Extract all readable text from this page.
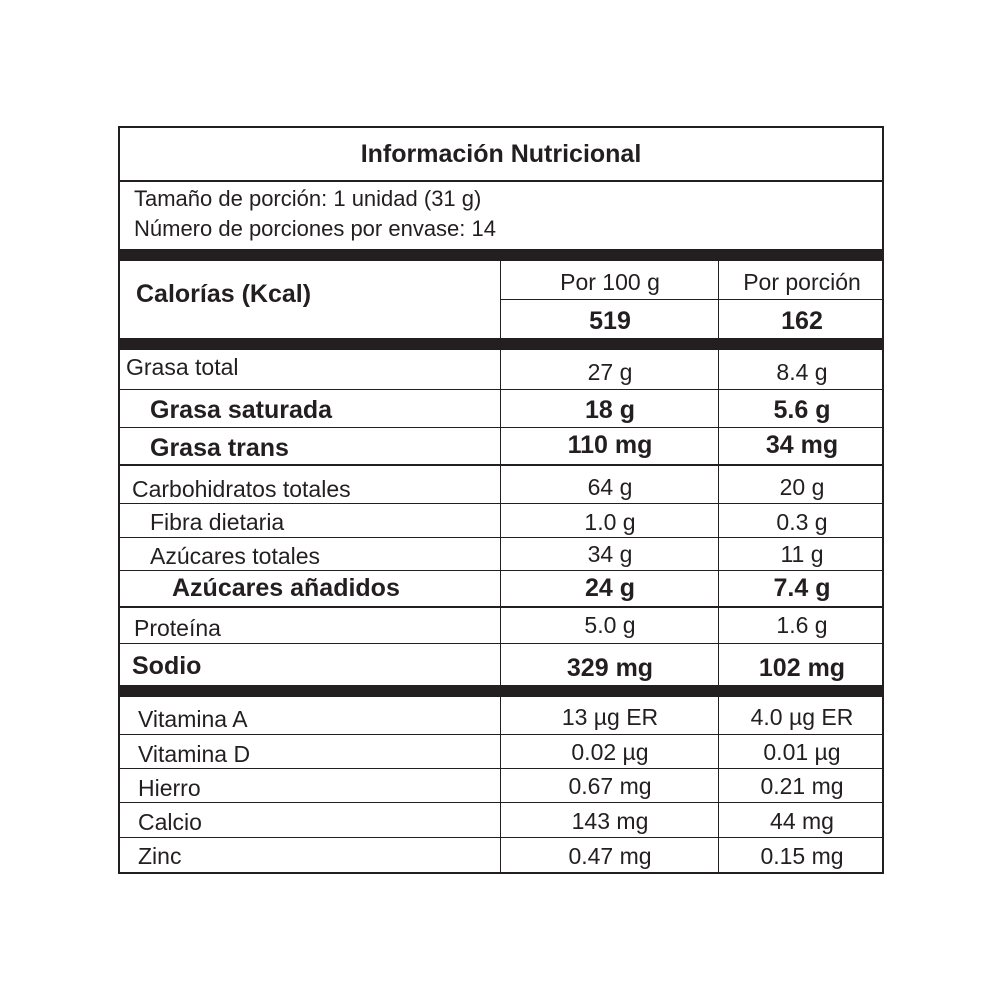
Información Nutricional
Tamaño de porción: 1 unidad (31 g)
Número de porciones por envase: 14
Calorías (Kcal)	Por 100 g	Por porción
519	162
Grasa total	27 g	8.4 g
Grasa saturada	18 g	5.6 g
Grasa trans	110 mg	34 mg
Carbohidratos totales	64 g	20 g
Fibra dietaria	1.0 g	0.3 g
Azúcares totales	34 g	11 g
Azúcares añadidos	24 g	7.4 g
Proteína	5.0 g	1.6 g
Sodio	329 mg	102 mg
Vitamina A	13 µg ER	4.0 µg ER
Vitamina D	0.02 µg	0.01 µg
Hierro	0.67 mg	0.21 mg
Calcio	143 mg	44 mg
Zinc	0.47 mg	0.15 mg
